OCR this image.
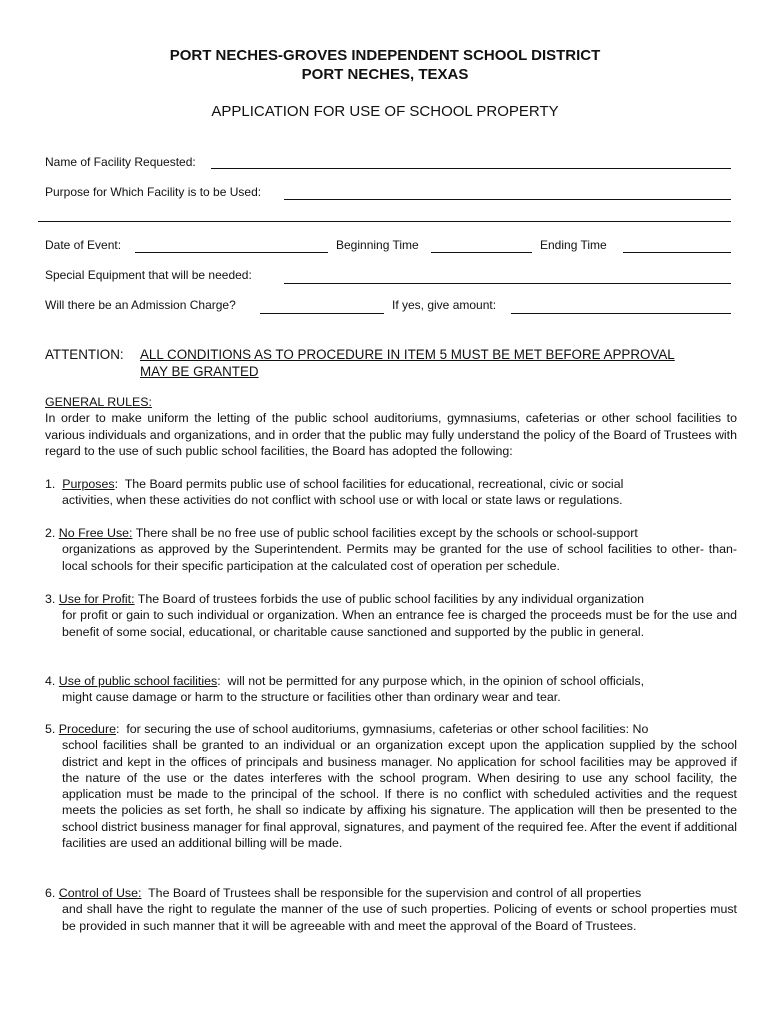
PORT NECHES-GROVES INDEPENDENT SCHOOL DISTRICT
PORT NECHES, TEXAS
APPLICATION FOR USE OF SCHOOL PROPERTY
Name of Facility Requested:
Purpose for Which Facility is to be Used:
Date of Event:	Beginning Time	Ending Time
Special Equipment that will be needed:
Will there be an Admission Charge?	If yes, give amount:
ATTENTION: ALL CONDITIONS AS TO PROCEDURE IN ITEM 5 MUST BE MET BEFORE APPROVAL
MAY BE GRANTED
GENERAL RULES:
In order to make uniform the letting of the public school auditoriums, gymnasiums, cafeterias or other school facilities to various individuals and organizations, and in order that the public may fully understand the policy of the Board of Trustees with regard to the use of such public school facilities, the Board has adopted the following:

1. Purposes: The Board permits public use of school facilities for educational, recreational, civic or social

activities, when these activities do not conflict with school use or with local or state laws or regulations.

2. No Free Use: There shall be no free use of public school facilities except by the schools or school-support

organizations as approved by the Superintendent. Permits may be granted for the use of school facilities to other- than-local schools for their specific participation at the calculated cost of operation per schedule.

3. Use for Profit: The Board of trustees forbids the use of public school facilities by any individual organization

for profit or gain to such individual or organization. When an entrance fee is charged the proceeds must be for the use and benefit of some social, educational, or charitable cause sanctioned and supported by the public in general.

4. Use of public school facilities: will not be permitted for any purpose which, in the opinion of school officials,

might cause damage or harm to the structure or facilities other than ordinary wear and tear.

5. Procedure: for securing the use of school auditoriums, gymnasiums, cafeterias or other school facilities: No

school facilities shall be granted to an individual or an organization except upon the application supplied by the school district and kept in the offices of principals and business manager. No application for school facilities may be approved if the nature of the use or the dates interferes with the school program. When desiring to use any school facility, the application must be made to the principal of the school. If there is no conflict with scheduled activities and the request meets the policies as set forth, he shall so indicate by affixing his signature. The application will then be presented to the school district business manager for final approval, signatures, and payment of the required fee. After the event if additional facilities are used an additional billing will be made.

6. Control of Use: The Board of Trustees shall be responsible for the supervision and control of all properties

and shall have the right to regulate the manner of the use of such properties. Policing of events or school properties must be provided in such manner that it will be agreeable with and meet the approval of the Board of Trustees.
